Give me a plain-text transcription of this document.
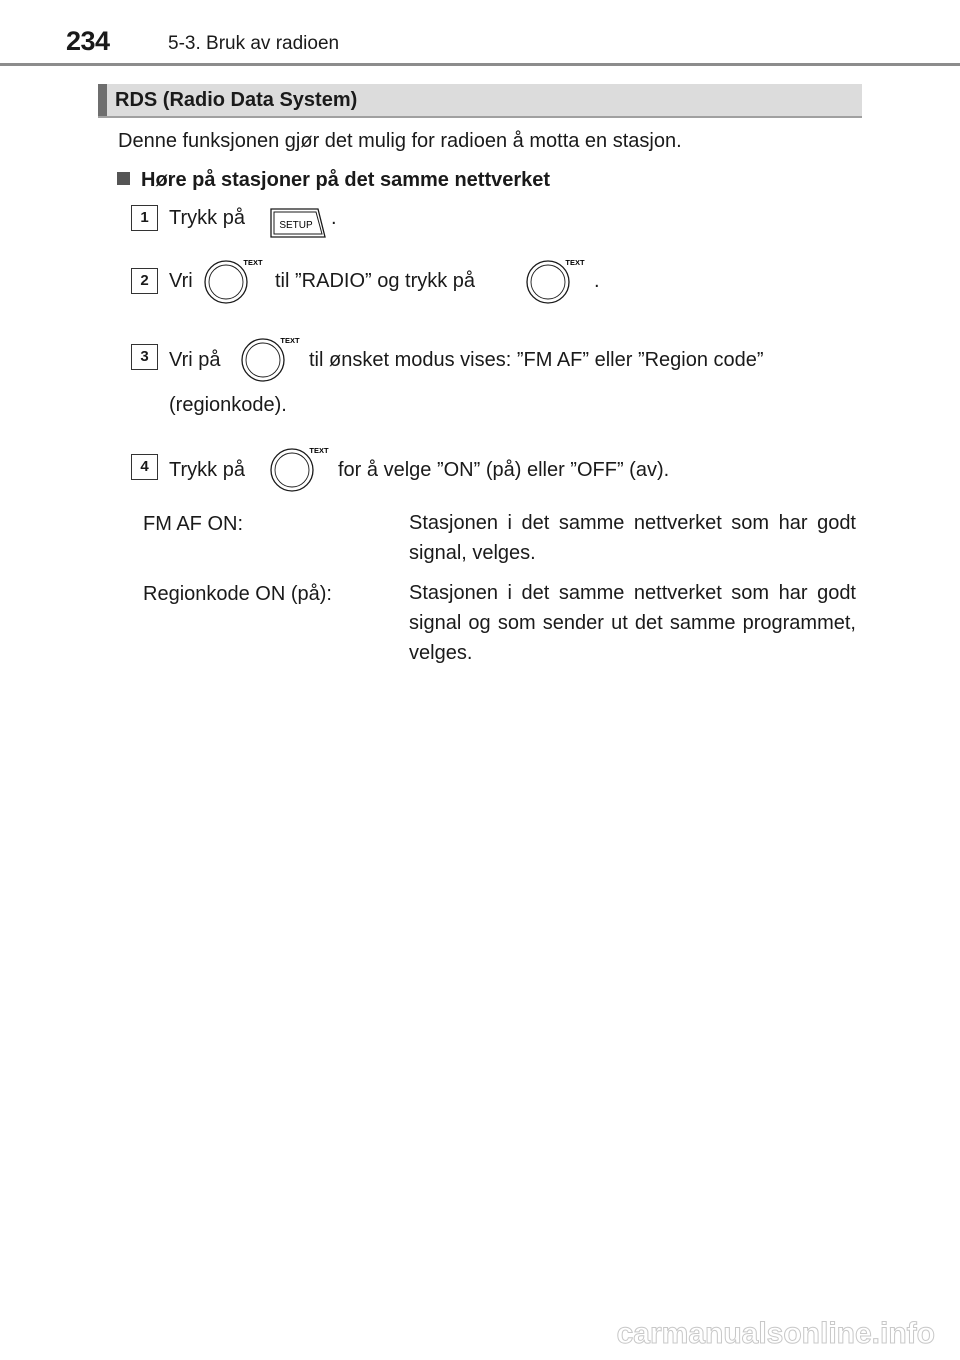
234	5-3. Bruk av radioen
RDS (Radio Data System)
Denne funksjonen gjør det mulig for radioen å motta en stasjon.
Høre på stasjoner på det samme nettverket
1	Trykk på	SETUP .
2	Vri
TEXT
til ”RADIO” og trykk på
TEXT
.
3	Vri på
TEXT
til ønsket modus vises: ”FM AF” eller ”Region code”
(regionkode).
4	Trykk på
TEXT
for å velge ”ON” (på) eller ”OFF” (av).
FM AF ON:	Stasjonen i det samme nettverket som har godt signal, velges.
Regionkode ON (på):	Stasjonen i det samme nettverket som har godt signal og som sender ut det samme programmet, velges.
carmanualsonline.info
